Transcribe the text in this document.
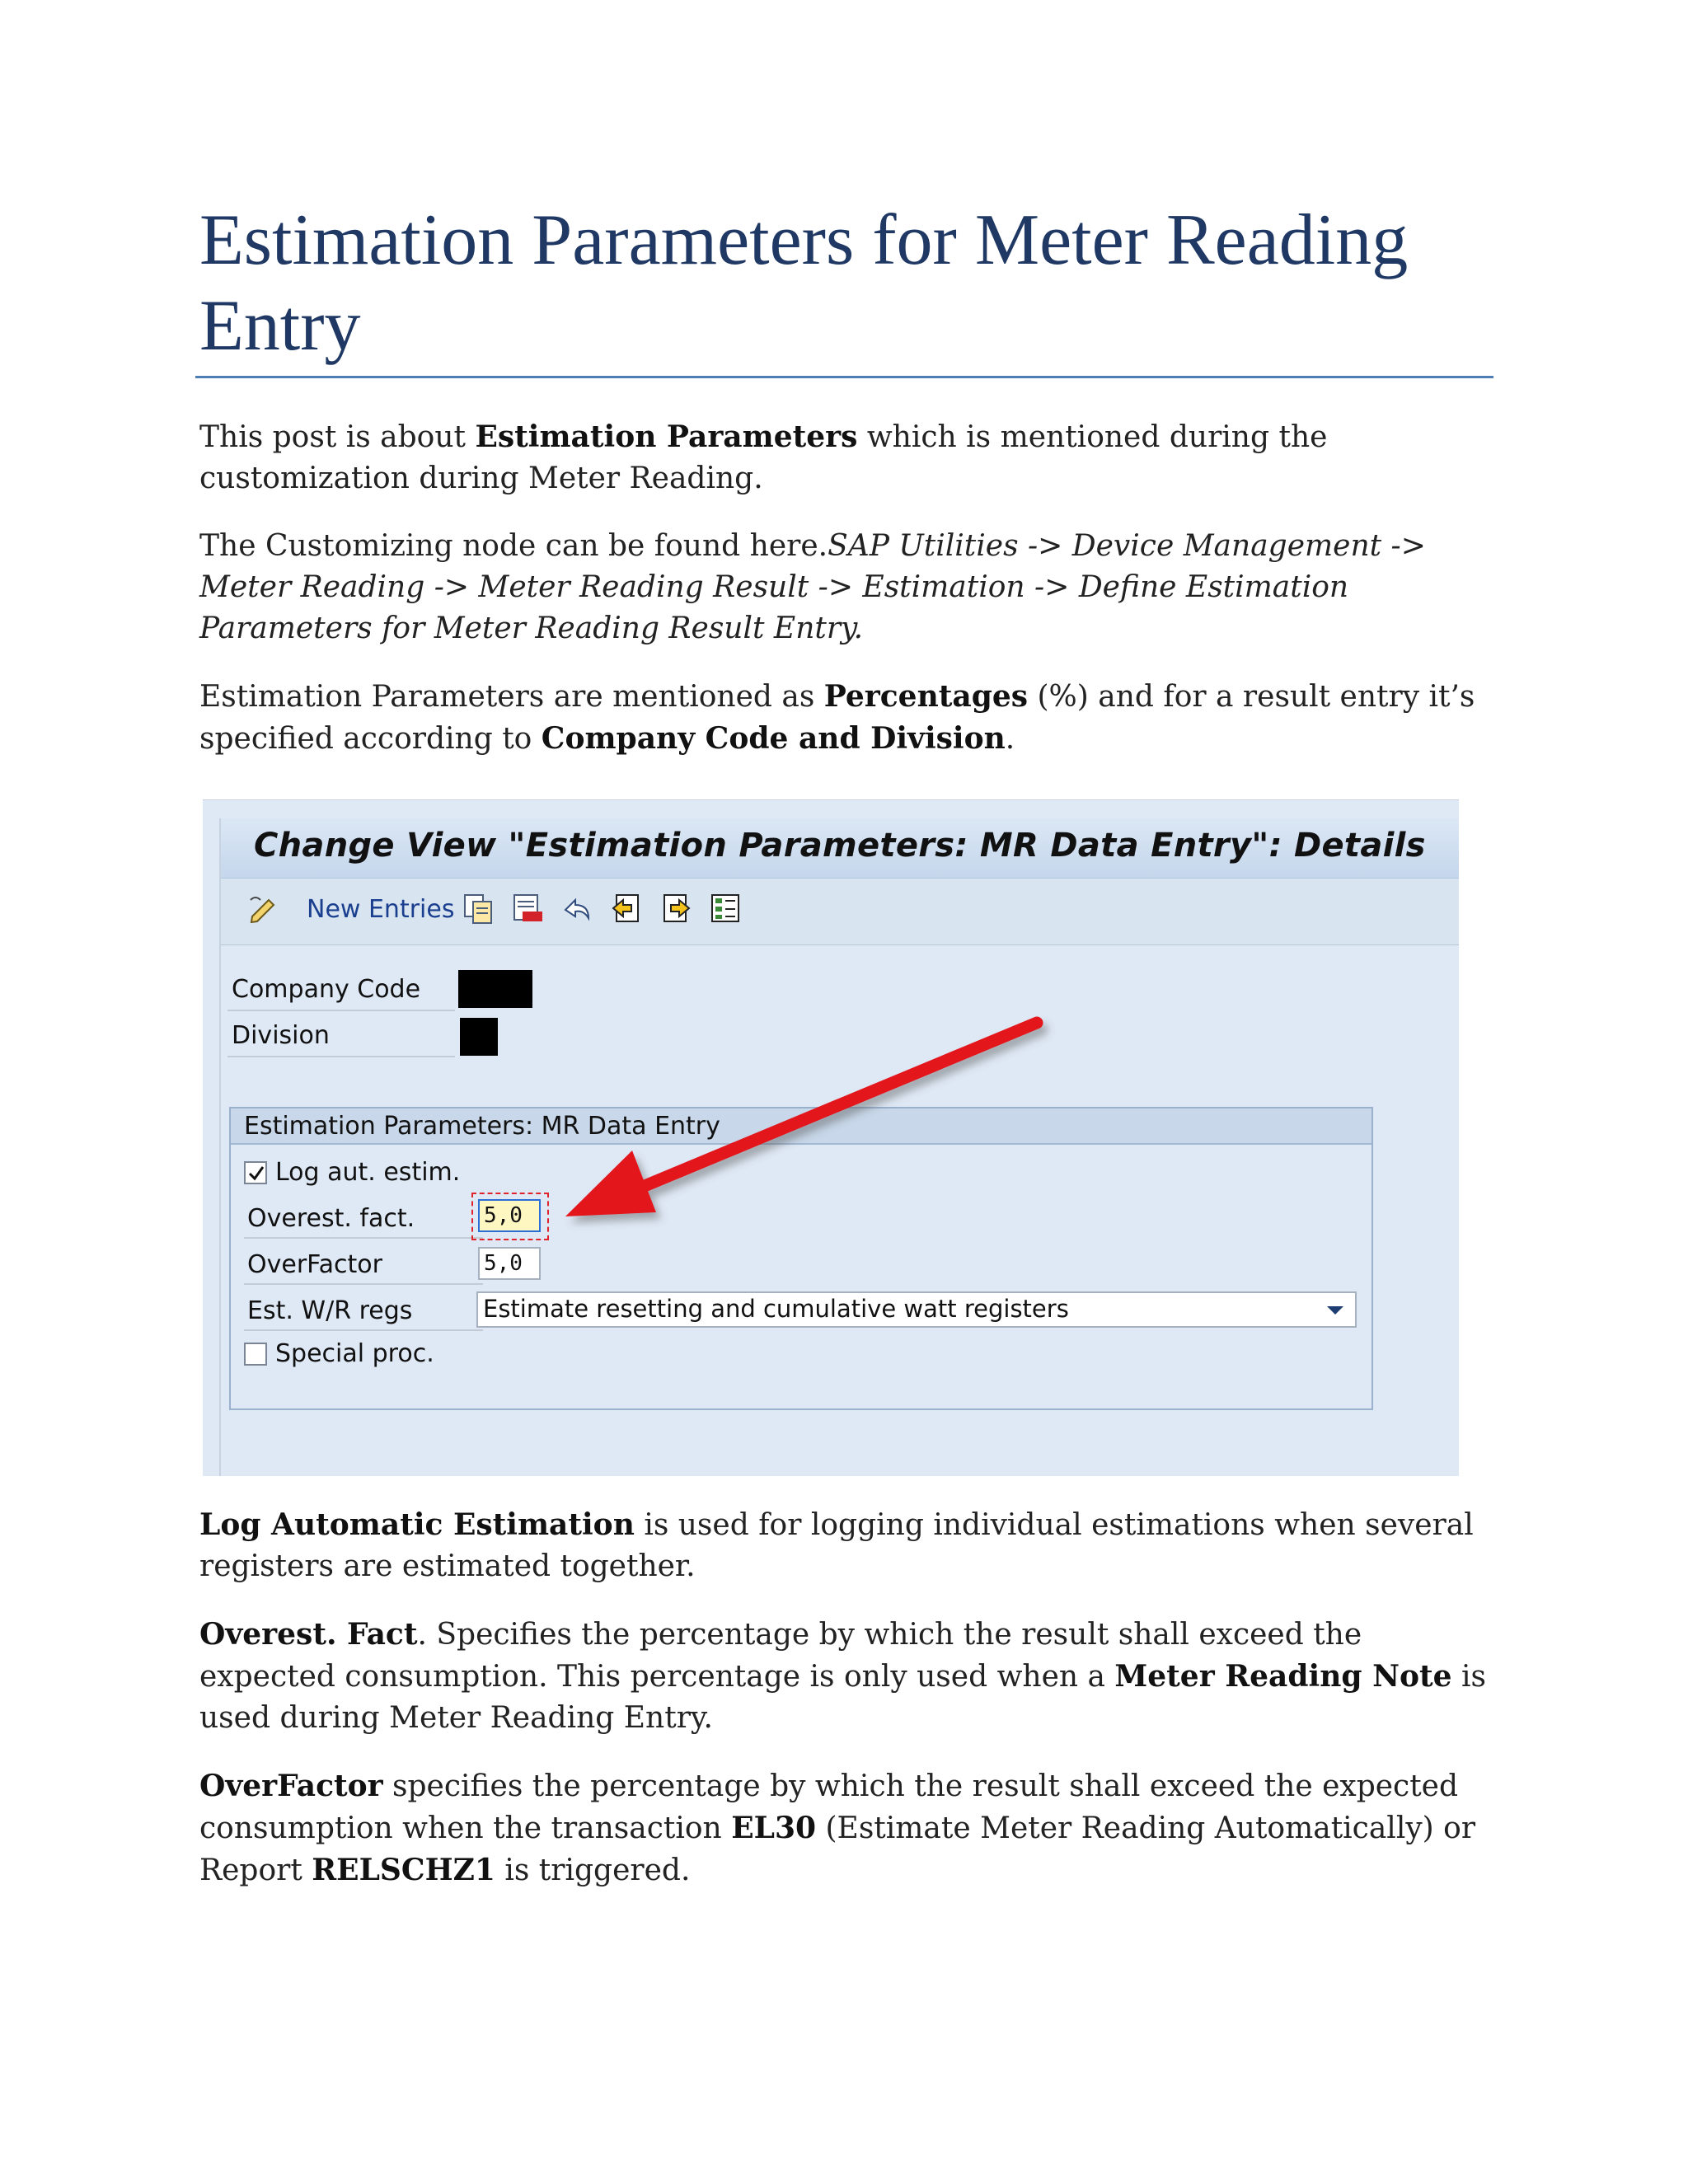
Estimation Parameters for Meter Reading Entry

This post is about Estimation Parameters which is mentioned during the customization during Meter Reading.

The Customizing node can be found here.SAP Utilities -> Device Management -> Meter Reading -> Meter Reading Result -> Estimation -> Define Estimation Parameters for Meter Reading Result Entry.

Estimation Parameters are mentioned as Percentages (%) and for a result entry it’s specified according to Company Code and Division.

Change View "Estimation Parameters: MR Data Entry": Details
New Entries
Company Code
Division
Estimation Parameters: MR Data Entry
Log aut. estim.
Overest. fact.	5,0
OverFactor	5,0
Est. W/R regs	Estimate resetting and cumulative watt registers
Special proc.

Log Automatic Estimation is used for logging individual estimations when several registers are estimated together.

Overest. Fact. Specifies the percentage by which the result shall exceed the expected consumption. This percentage is only used when a Meter Reading Note is used during Meter Reading Entry.

OverFactor specifies the percentage by which the result shall exceed the expected consumption when the transaction EL30 (Estimate Meter Reading Automatically) or Report RELSCHZ1 is triggered.
